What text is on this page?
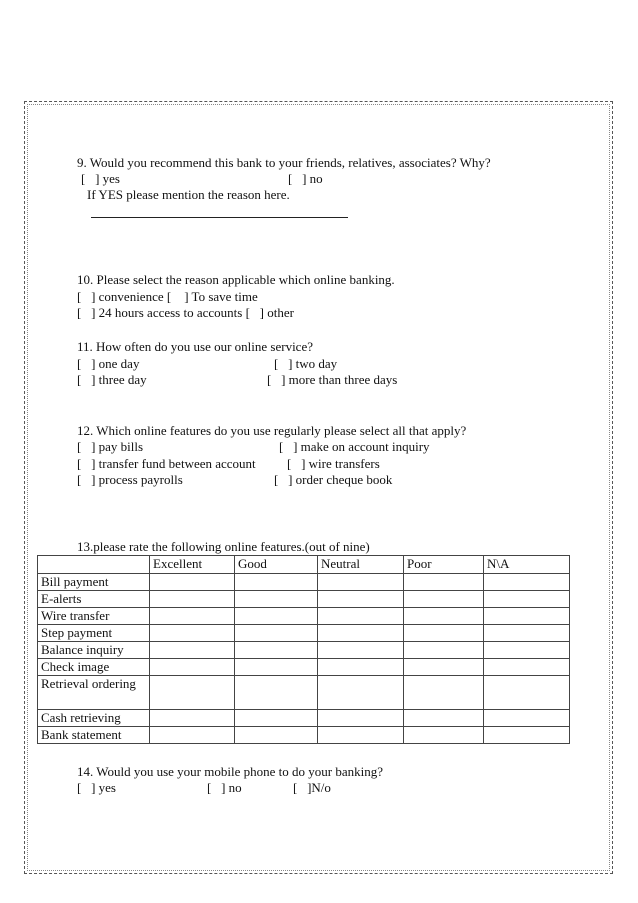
9. Would you recommend this bank to your friends, relatives, associates? Why?
[   ] yes	[   ] no
If YES please mention the reason here.
10. Please select the reason applicable which online banking.
[   ] convenience [    ] To save time
[   ] 24 hours access to accounts [   ] other
11. How often do you use our online service?
[   ] one day	[   ] two day
[   ] three day	[   ] more than three days
12. Which online features do you use regularly please select all that apply?
[   ] pay bills	[   ] make on account inquiry
[   ] transfer fund between account [   ] wire transfers
[   ] process payrolls	[   ] order cheque book
13.please rate the following online features.(out of nine)
	Excellent	Good	Neutral	Poor	N\A
Bill payment					
E-alerts					
Wire transfer					
Step payment					
Balance inquiry					
Check image					
Retrieval ordering					
Cash retrieving					
Bank statement					
14. Would you use your mobile phone to do your banking?
[   ] yes	[   ] no	[   ]N/o
